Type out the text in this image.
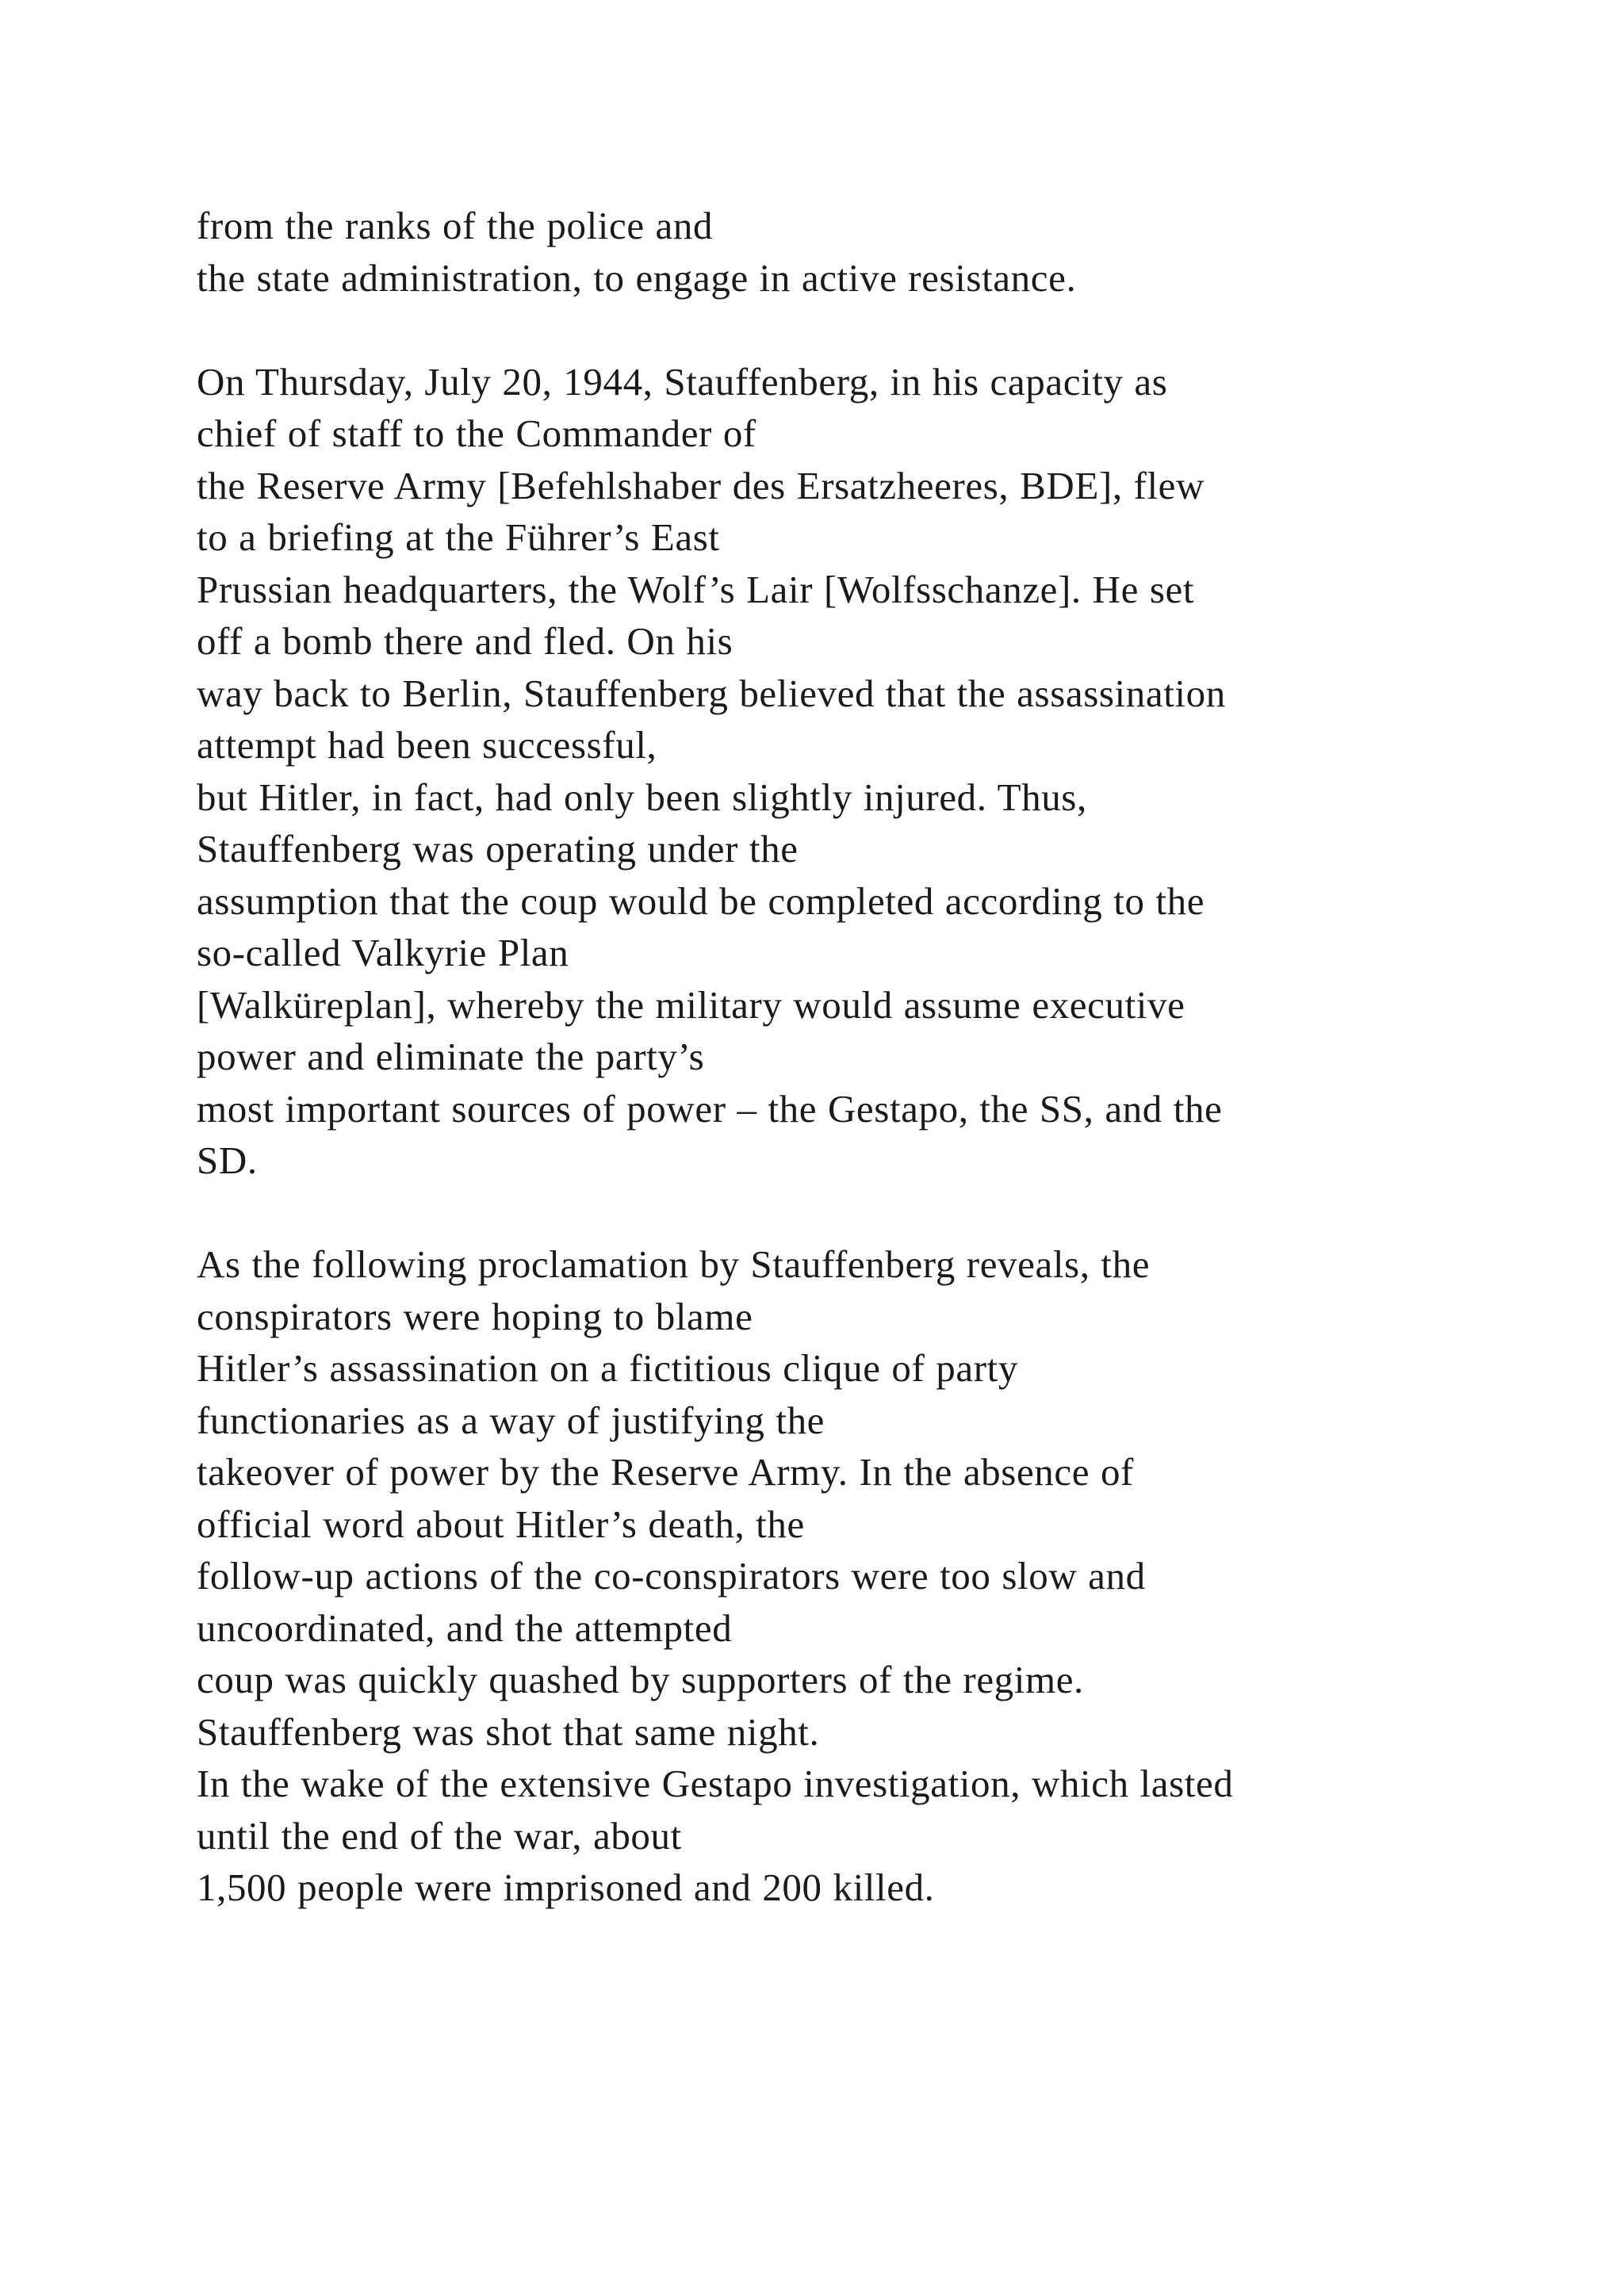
from the ranks of the police and
the state administration, to engage in active resistance.
On Thursday, July 20, 1944, Stauffenberg, in his capacity as
chief of staff to the Commander of
the Reserve Army [Befehlshaber des Ersatzheeres, BDE], flew
to a briefing at the Führer’s East
Prussian headquarters, the Wolf’s Lair [Wolfsschanze]. He set
off a bomb there and fled. On his
way back to Berlin, Stauffenberg believed that the assassination
attempt had been successful,
but Hitler, in fact, had only been slightly injured. Thus,
Stauffenberg was operating under the
assumption that the coup would be completed according to the
so-called Valkyrie Plan
[Walküreplan], whereby the military would assume executive
power and eliminate the party’s
most important sources of power – the Gestapo, the SS, and the
SD.
As the following proclamation by Stauffenberg reveals, the
conspirators were hoping to blame
Hitler’s assassination on a fictitious clique of party
functionaries as a way of justifying the
takeover of power by the Reserve Army. In the absence of
official word about Hitler’s death, the
follow-up actions of the co-conspirators were too slow and
uncoordinated, and the attempted
coup was quickly quashed by supporters of the regime.
Stauffenberg was shot that same night.
In the wake of the extensive Gestapo investigation, which lasted
until the end of the war, about
1,500 people were imprisoned and 200 killed.
